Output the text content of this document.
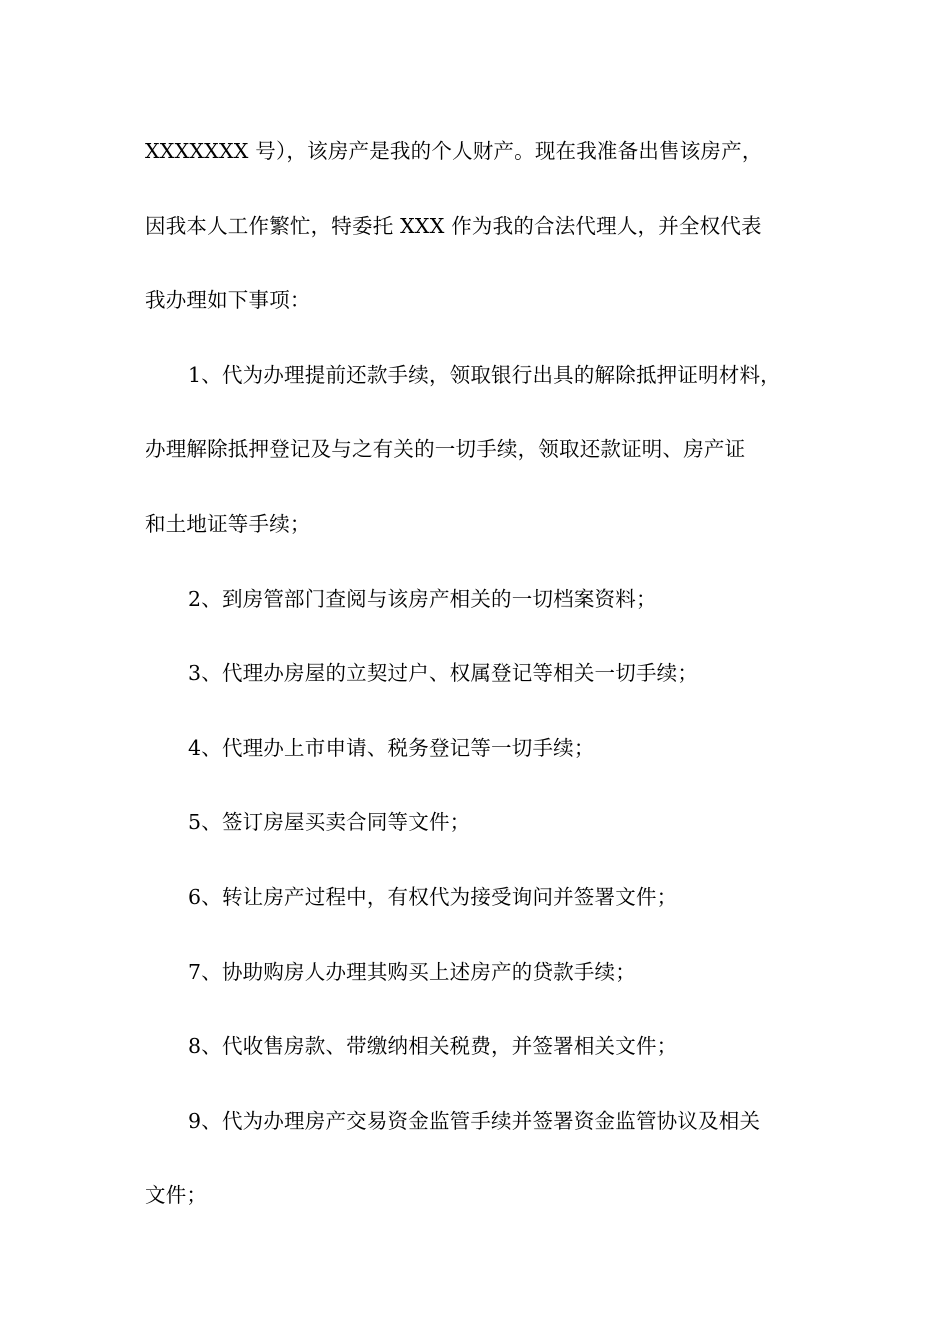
XXXXXXX 号），该房产是我的个人财产。现在我准备出售该房产，
因我本人工作繁忙，特委托 XXX 作为我的合法代理人，并全权代表
我办理如下事项：
1、代为办理提前还款手续，领取银行出具的解除抵押证明材料，
办理解除抵押登记及与之有关的一切手续，领取还款证明、房产证
和土地证等手续；
2、到房管部门查阅与该房产相关的一切档案资料；
3、代理办房屋的立契过户、权属登记等相关一切手续；
4、代理办上市申请、税务登记等一切手续；
5、签订房屋买卖合同等文件；
6、转让房产过程中，有权代为接受询问并签署文件；
7、协助购房人办理其购买上述房产的贷款手续；
8、代收售房款、带缴纳相关税费，并签署相关文件；
9、代为办理房产交易资金监管手续并签署资金监管协议及相关
文件；
